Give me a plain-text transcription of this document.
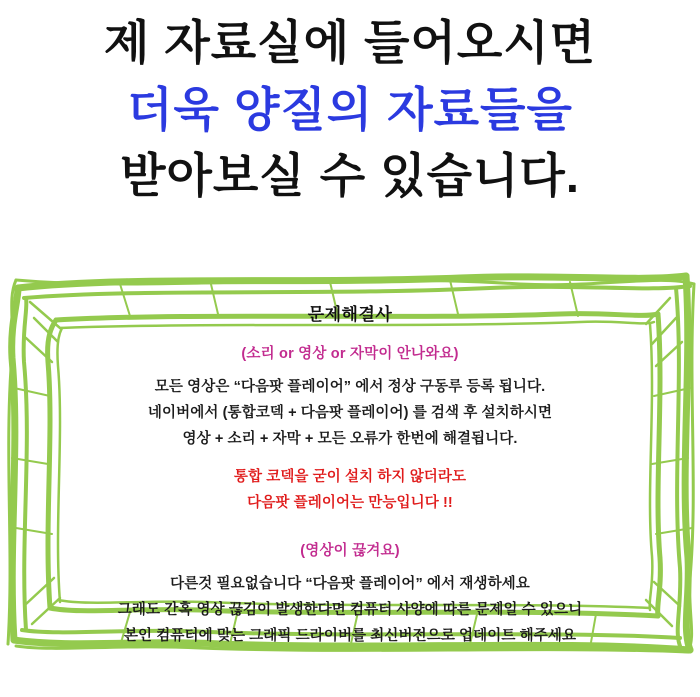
제 자료실에 들어오시면
더욱 양질의 자료들을
받아보실 수 있습니다.
문제해결사
(소리 or 영상 or 자막이 안나와요)
모든 영상은 “다음팟 플레이어” 에서 정상 구동루 등록 됩니다.
네이버에서 (통합코덱 + 다음팟 플레이어) 를 검색 후 설치하시면
영상 + 소리 + 자막 + 모든 오류가 한번에 해결됩니다.
통합 코덱을 굳이 설치 하지 않더라도
다음팟 플레이어는 만능입니다 !!
(영상이 끊겨요)
다른것 필요없습니다 “다음팟 플레이어” 에서 재생하세요
그래도 간혹 영상 끊김이 발생한다면 컴퓨터 사양에 따른 문제일 수 있으니
본인 컴퓨터에 맞는 그래픽 드라이버를 최신버전으로 업데이트 해주세요
